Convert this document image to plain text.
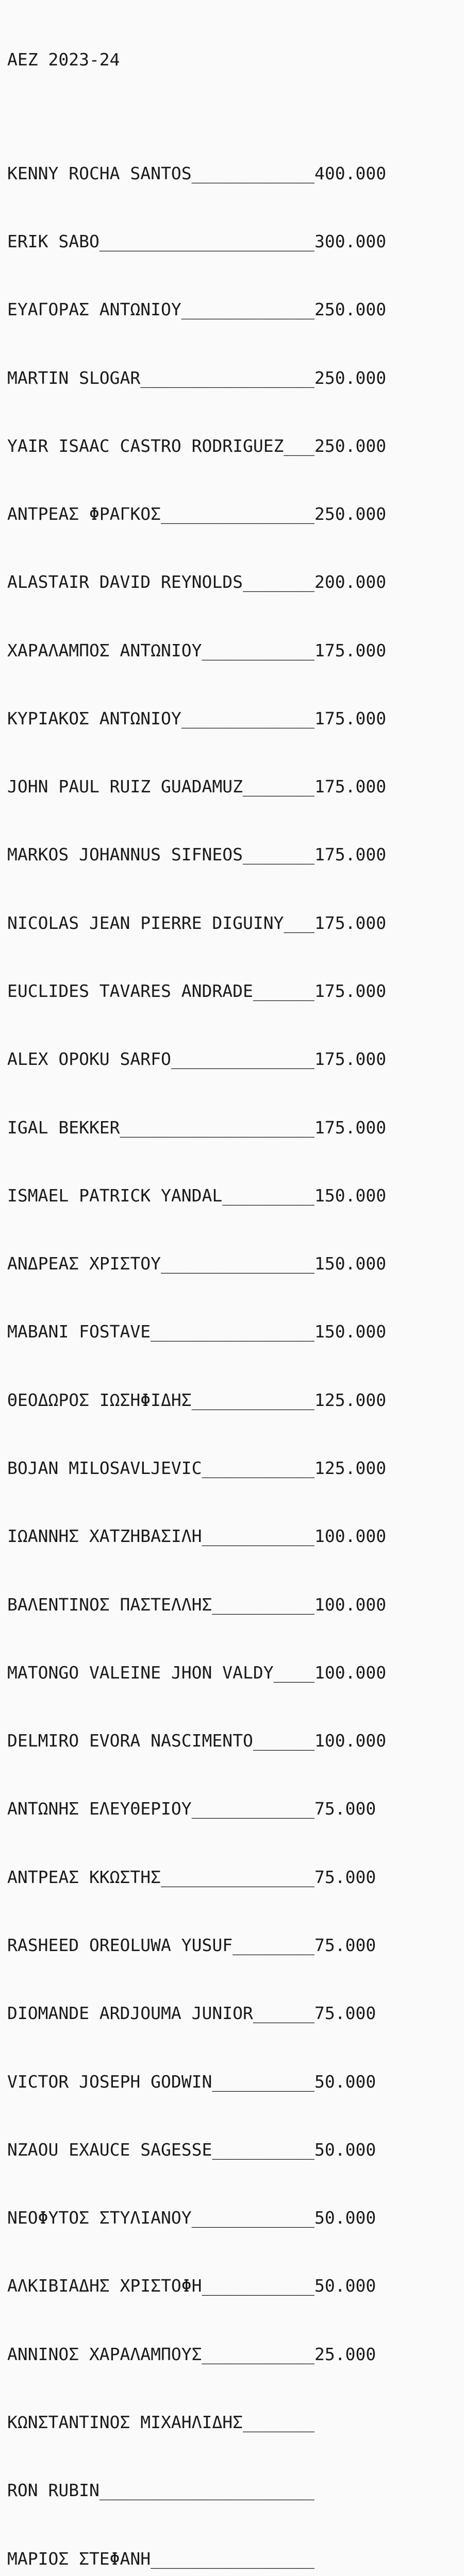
ΑΕΖ 2023-24

KENNY ROCHA SANTOS____________400.000

ERIK SABO_____________________300.000

ΕΥΑΓΟΡΑΣ ΑΝΤΩΝΙΟΥ_____________250.000

MARTIN SLOGAR_________________250.000

YAIR ISAAC CASTRO RODRIGUEZ___250.000

ΑΝΤΡΕΑΣ ΦΡΑΓΚΟΣ_______________250.000

ALASTAIR DAVID REYNOLDS_______200.000

ΧΑΡΑΛΑΜΠΟΣ ΑΝΤΩΝΙΟΥ___________175.000

ΚΥΡΙΑΚΟΣ ΑΝΤΩΝΙΟΥ_____________175.000

JOHN PAUL RUIZ GUADAMUZ_______175.000

MARKOS JOHANNUS SIFNEOS_______175.000

NICOLAS JEAN PIERRE DIGUINY___175.000

EUCLIDES TAVARES ANDRADE______175.000

ALEX OPOKU SARFO______________175.000

IGAL BEKKER___________________175.000

ISMAEL PATRICK YANDAL_________150.000

ΑΝΔΡΕΑΣ ΧΡΙΣΤΟΥ_______________150.000

MABANI FOSTAVE________________150.000

ΘΕΟΔΩΡΟΣ ΙΩΣΗΦΙΔΗΣ____________125.000

BOJAN MILOSAVLJEVIC___________125.000

ΙΩΑΝΝΗΣ ΧΑΤΖΗΒΑΣΙΛΗ___________100.000

ΒΑΛΕΝΤΙΝΟΣ ΠΑΣΤΕΛΛΗΣ__________100.000

MATONGO VALEINE JHON VALDY____100.000

DELMIRO EVORA NASCIMENTO______100.000

ΑΝΤΩΝΗΣ ΕΛΕΥΘΕΡΙΟΥ____________75.000

ΑΝΤΡΕΑΣ ΚΚΩΣΤΗΣ_______________75.000

RASHEED OREOLUWA YUSUF________75.000

DIOMANDE ARDJOUMA JUNIOR______75.000

VICTOR JOSEPH GODWIN__________50.000

NZAOU EXAUCE SAGESSE__________50.000

ΝΕΟΦΥΤΟΣ ΣΤΥΛΙΑΝΟΥ____________50.000

ΑΛΚΙΒΙΑΔΗΣ ΧΡΙΣΤΟΦΗ___________50.000

ΑΝΝΙΝΟΣ ΧΑΡΑΛΑΜΠΟΥΣ___________25.000

ΚΩΝΣΤΑΝΤΙΝΟΣ ΜΙΧΑΗΛΙΔΗΣ_______

RON RUBIN_____________________

ΜΑΡΙΟΣ ΣΤΕΦΑΝΗ________________
